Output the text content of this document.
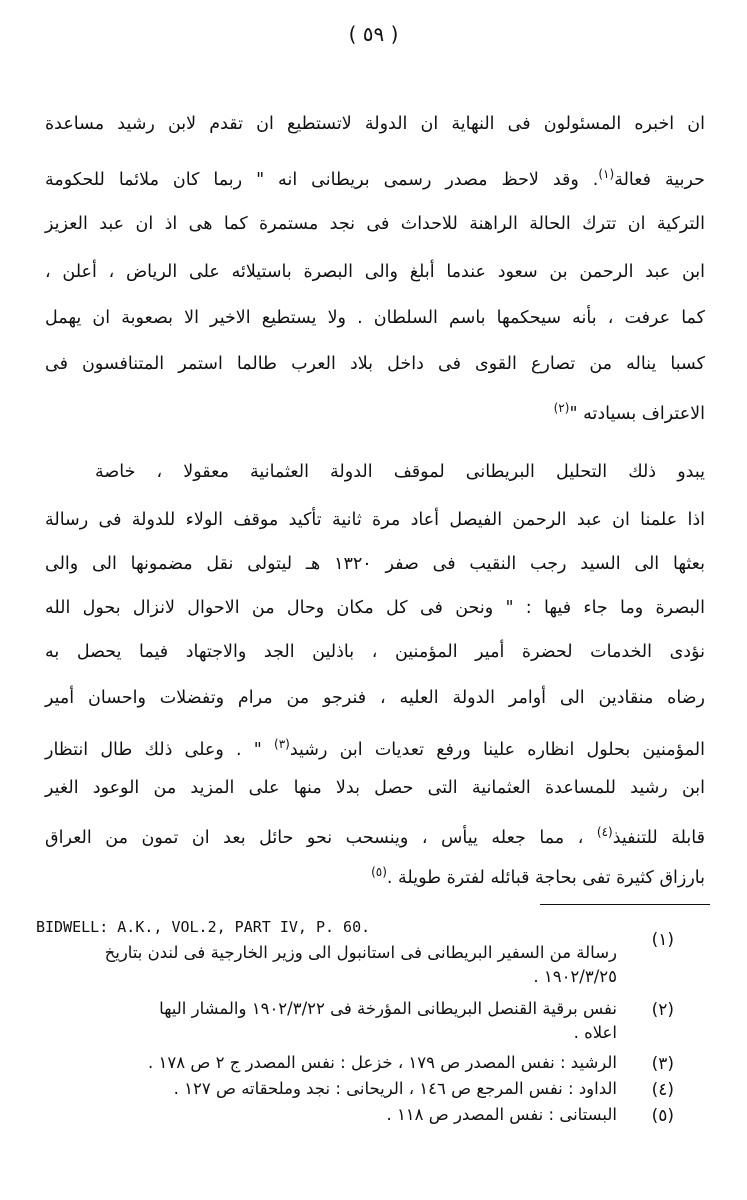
( ٥٩ )
ان اخبره المسئولون فى النهاية ان الدولة لاتستطيع ان تقدم لابن رشيد مساعدة
حربية فعالة$^{(١)}$. وقد لاحظ مصدر رسمى بريطانى انه " ربما كان ملائما للحكومة
التركية ان تترك الحالة الراهنة للاحداث فى نجد مستمرة كما هى اذ ان عبد العزيز
ابن عبد الرحمن بن سعود عندما أبلغ والى البصرة باستيلائه على الرياض ، أعلن ،
كما عرفت ، بأنه سيحكمها باسم السلطان . ولا يستطيع الاخير الا بصعوبة ان يهمل
كسبا يناله من تصارع القوى فى داخل بلاد العرب طالما استمر المتنافسون فى
الاعتراف بسيادته "$^{(٢)}$
يبدو ذلك التحليل البريطانى لموقف الدولة العثمانية معقولا ، خاصة
اذا علمنا ان عبد الرحمن الفيصل أعاد مرة ثانية تأكيد موقف الولاء للدولة فى رسالة
بعثها الى السيد رجب النقيب فى صفر ١٣٢٠ هـ ليتولى نقل مضمونها الى والى
البصرة وما جاء فيها : " ونحن فى كل مكان وحال من الاحوال لانزال بحول الله
نؤدى الخدمات لحضرة أمير المؤمنين ، باذلين الجد والاجتهاد فيما يحصل به
رضاه منقادين الى أوامر الدولة العليه ، فنرجو من مرام وتفضلات واحسان أمير
المؤمنين بحلول انظاره علينا ورفع تعديات ابن رشيد$^{(٣)}$ " . وعلى ذلك طال انتظار
ابن رشيد للمساعدة العثمانية التى حصل بدلا منها على المزيد من الوعود الغير
قابلة للتنفيذ$^{(٤)}$ ، مما جعله ييأس ، وينسحب نحو حائل بعد ان تمون من العراق
بارزاق كثيرة تفى بحاجة قبائله لفترة طويلة .$^{(٥)}$
(١)
BIDWELL: A.K., VOL.2, PART IV, P. 60.
رسالة من السفير البريطانى فى استانبول الى وزير الخارجية فى لندن بتاريخ
١٩٠٢/٣/٢٥ .
(٢)
نفس برقية القنصل البريطانى المؤرخة فى ١٩٠٢/٣/٢٢ والمشار اليها
اعلاه .
(٣)
الرشيد : نفس المصدر ص ١٧٩ ، خزعل : نفس المصدر ج ٢ ص ١٧٨ .
(٤)
الداود : نفس المرجع ص ١٤٦ ، الريحانى : نجد وملحقاته ص ١٢٧ .
(٥)
البستانى : نفس المصدر ص ١١٨ .
